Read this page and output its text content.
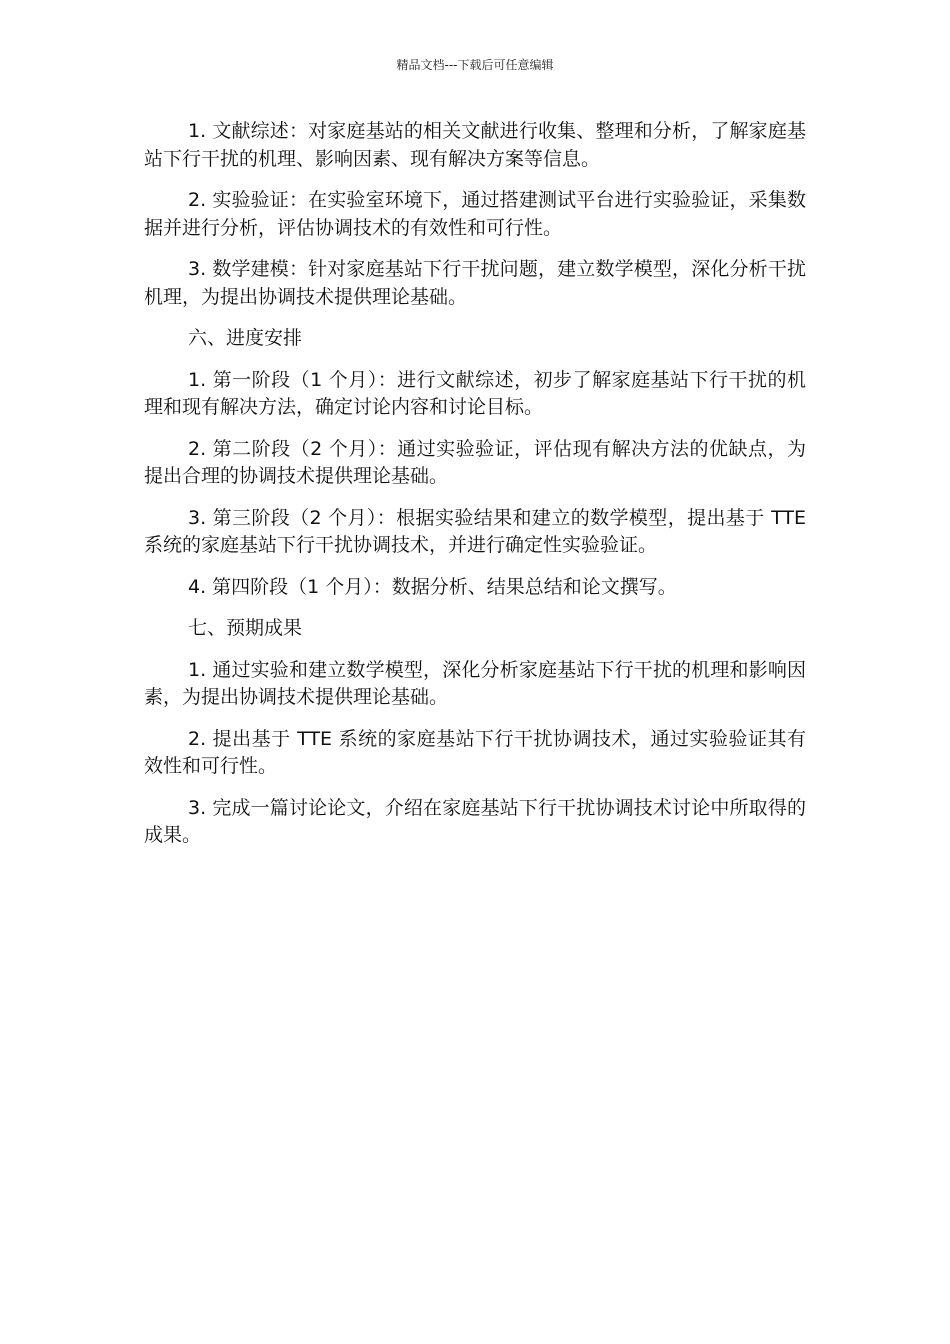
精品文档---下载后可任意编辑

1. 文献综述：对家庭基站的相关文献进行收集、整理和分析，了解家庭基站下行干扰的机理、影响因素、现有解决方案等信息。

2. 实验验证：在实验室环境下，通过搭建测试平台进行实验验证，采集数据并进行分析，评估协调技术的有效性和可行性。

3. 数学建模：针对家庭基站下行干扰问题，建立数学模型，深化分析干扰机理，为提出协调技术提供理论基础。

六、进度安排

1. 第一阶段（1 个月）：进行文献综述，初步了解家庭基站下行干扰的机理和现有解决方法，确定讨论内容和讨论目标。

2. 第二阶段（2 个月）：通过实验验证，评估现有解决方法的优缺点，为提出合理的协调技术提供理论基础。

3. 第三阶段（2 个月）：根据实验结果和建立的数学模型，提出基于 TTE 系统的家庭基站下行干扰协调技术，并进行确定性实验验证。

4. 第四阶段（1 个月）：数据分析、结果总结和论文撰写。

七、预期成果

1. 通过实验和建立数学模型，深化分析家庭基站下行干扰的机理和影响因素，为提出协调技术提供理论基础。

2. 提出基于 TTE 系统的家庭基站下行干扰协调技术，通过实验验证其有效性和可行性。

3. 完成一篇讨论论文，介绍在家庭基站下行干扰协调技术讨论中所取得的成果。
